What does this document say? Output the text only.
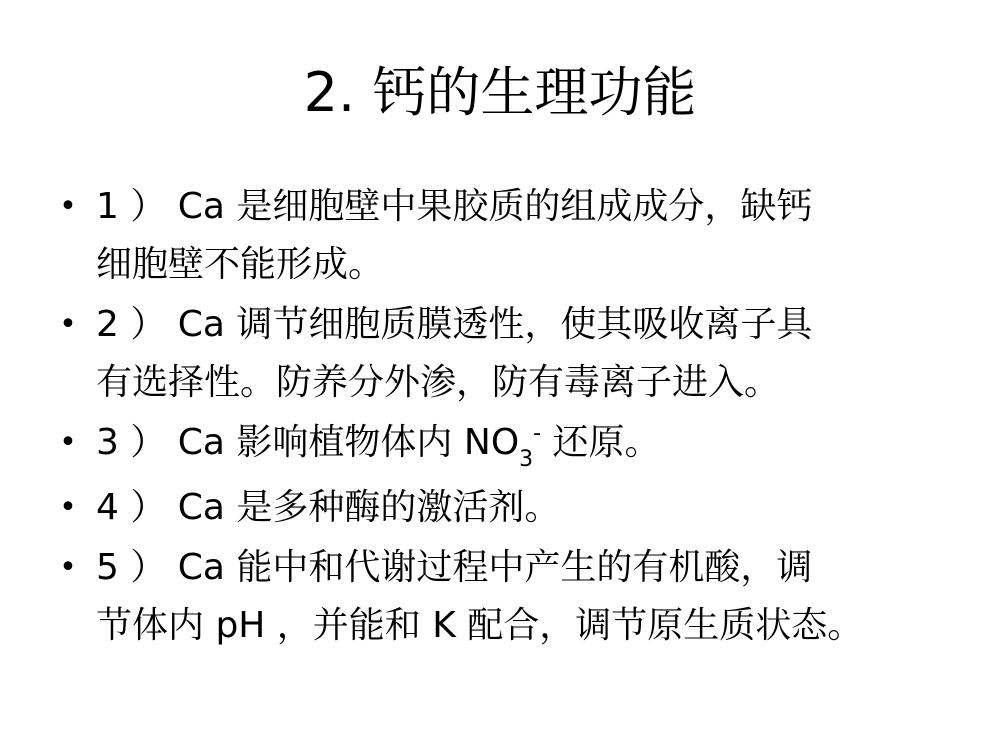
2. 钙的生理功能
• 1 ） Ca 是细胞壁中果胶质的组成成分，缺钙
细胞壁不能形成。
• 2 ） Ca 调节细胞质膜透性，使其吸收离子具
有选择性。防养分外渗，防有毒离子进入。
• 3 ） Ca 影响植物体内 $NO_3^-$ 还原。
• 4 ） Ca 是多种酶的激活剂。
• 5 ） Ca 能中和代谢过程中产生的有机酸，调
节体内 pH ，并能和 K 配合，调节原生质状态。
